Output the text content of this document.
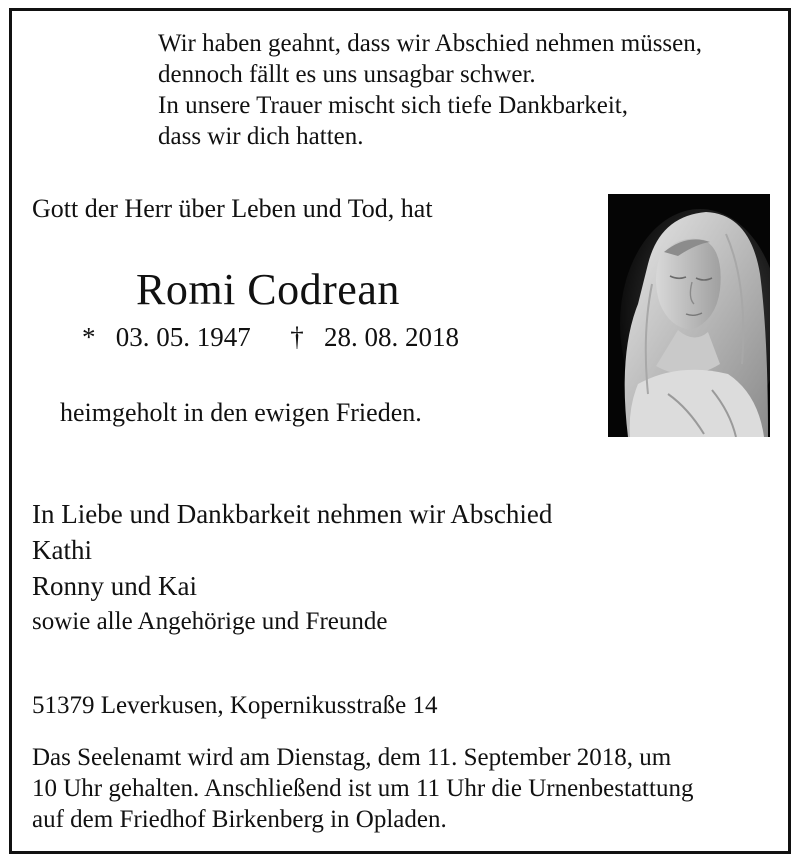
Wir haben geahnt, dass wir Abschied nehmen müssen,
dennoch fällt es uns unsagbar schwer.
In unsere Trauer mischt sich tiefe Dankbarkeit,
dass wir dich hatten.
Gott der Herr über Leben und Tod, hat
Romi Codrean
* 03. 05. 1947 † 28. 08. 2018
heimgeholt in den ewigen Frieden.
In Liebe und Dankbarkeit nehmen wir Abschied
Kathi
Ronny und Kai
sowie alle Angehörige und Freunde
51379 Leverkusen, Kopernikusstraße 14
Das Seelenamt wird am Dienstag, dem 11. September 2018, um
10 Uhr gehalten. Anschließend ist um 11 Uhr die Urnenbestattung
auf dem Friedhof Birkenberg in Opladen.
